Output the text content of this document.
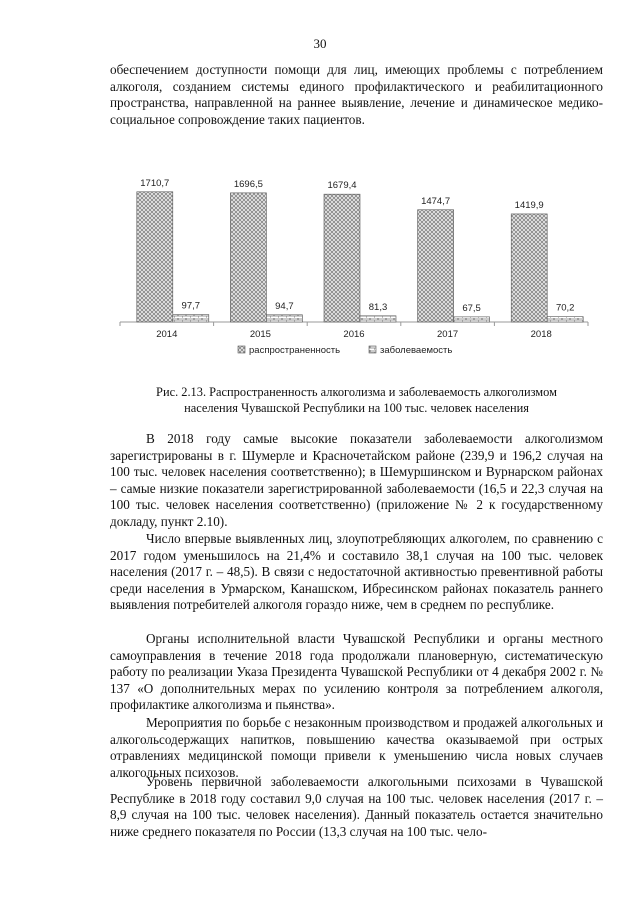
30

обеспечением доступности помощи для лиц, имеющих проблемы с потреблением алкоголя, созданием системы единого профилактического и реабилитационного пространства, направленной на раннее выявление, лечение и динамическое медико-социальное сопровождение таких пациентов.

1710,7
97,7
2014
1696,5
94,7
2015
1679,4
81,3
2016
1474,7
67,5
2017
1419,9
70,2
2018
распространенность	заболеваемость
Рис. 2.13. Распространенность алкоголизма и заболеваемость алкоголизмом
населения Чувашской Республики на 100 тыс. человек населения

В 2018 году самые высокие показатели заболеваемости алкоголизмом зарегистрированы в г. Шумерле и Красночетайском районе (239,9 и 196,2 случая на 100 тыс. человек населения соответственно); в Шемуршинском и Вурнарском районах – самые низкие показатели зарегистрированной заболеваемости (16,5 и 22,3 случая на 100 тыс. человек населения соответственно) (приложение № 2 к государственному докладу, пункт 2.10).

Число впервые выявленных лиц, злоупотребляющих алкоголем, по сравнению с 2017 годом уменьшилось на 21,4% и составило 38,1 случая на 100 тыс. человек населения (2017 г. – 48,5). В связи с недостаточной активностью превентивной работы среди населения в Урмарском, Канашском, Ибресинском районах показатель раннего выявления потребителей алкоголя гораздо ниже, чем в среднем по республике.

Органы исполнительной власти Чувашской Республики и органы местного самоуправления в течение 2018 года продолжали плановерную, систематическую работу по реализации Указа Президента Чувашской Республики от 4 декабря 2002 г. № 137 «О дополнительных мерах по усилению контроля за потреблением алкоголя, профилактике алкоголизма и пьянства».

Мероприятия по борьбе с незаконным производством и продажей алкогольных и алкогольсодержащих напитков, повышению качества оказываемой при острых отравлениях медицинской помощи привели к уменьшению числа новых случаев алкогольных психозов.

Уровень первичной заболеваемости алкогольными психозами в Чувашской Республике в 2018 году составил 9,0 случая на 100 тыс. человек населения (2017 г. – 8,9 случая на 100 тыс. человек населения). Данный показатель остается значительно ниже среднего показателя по России (13,3 случая на 100 тыс. чело-
